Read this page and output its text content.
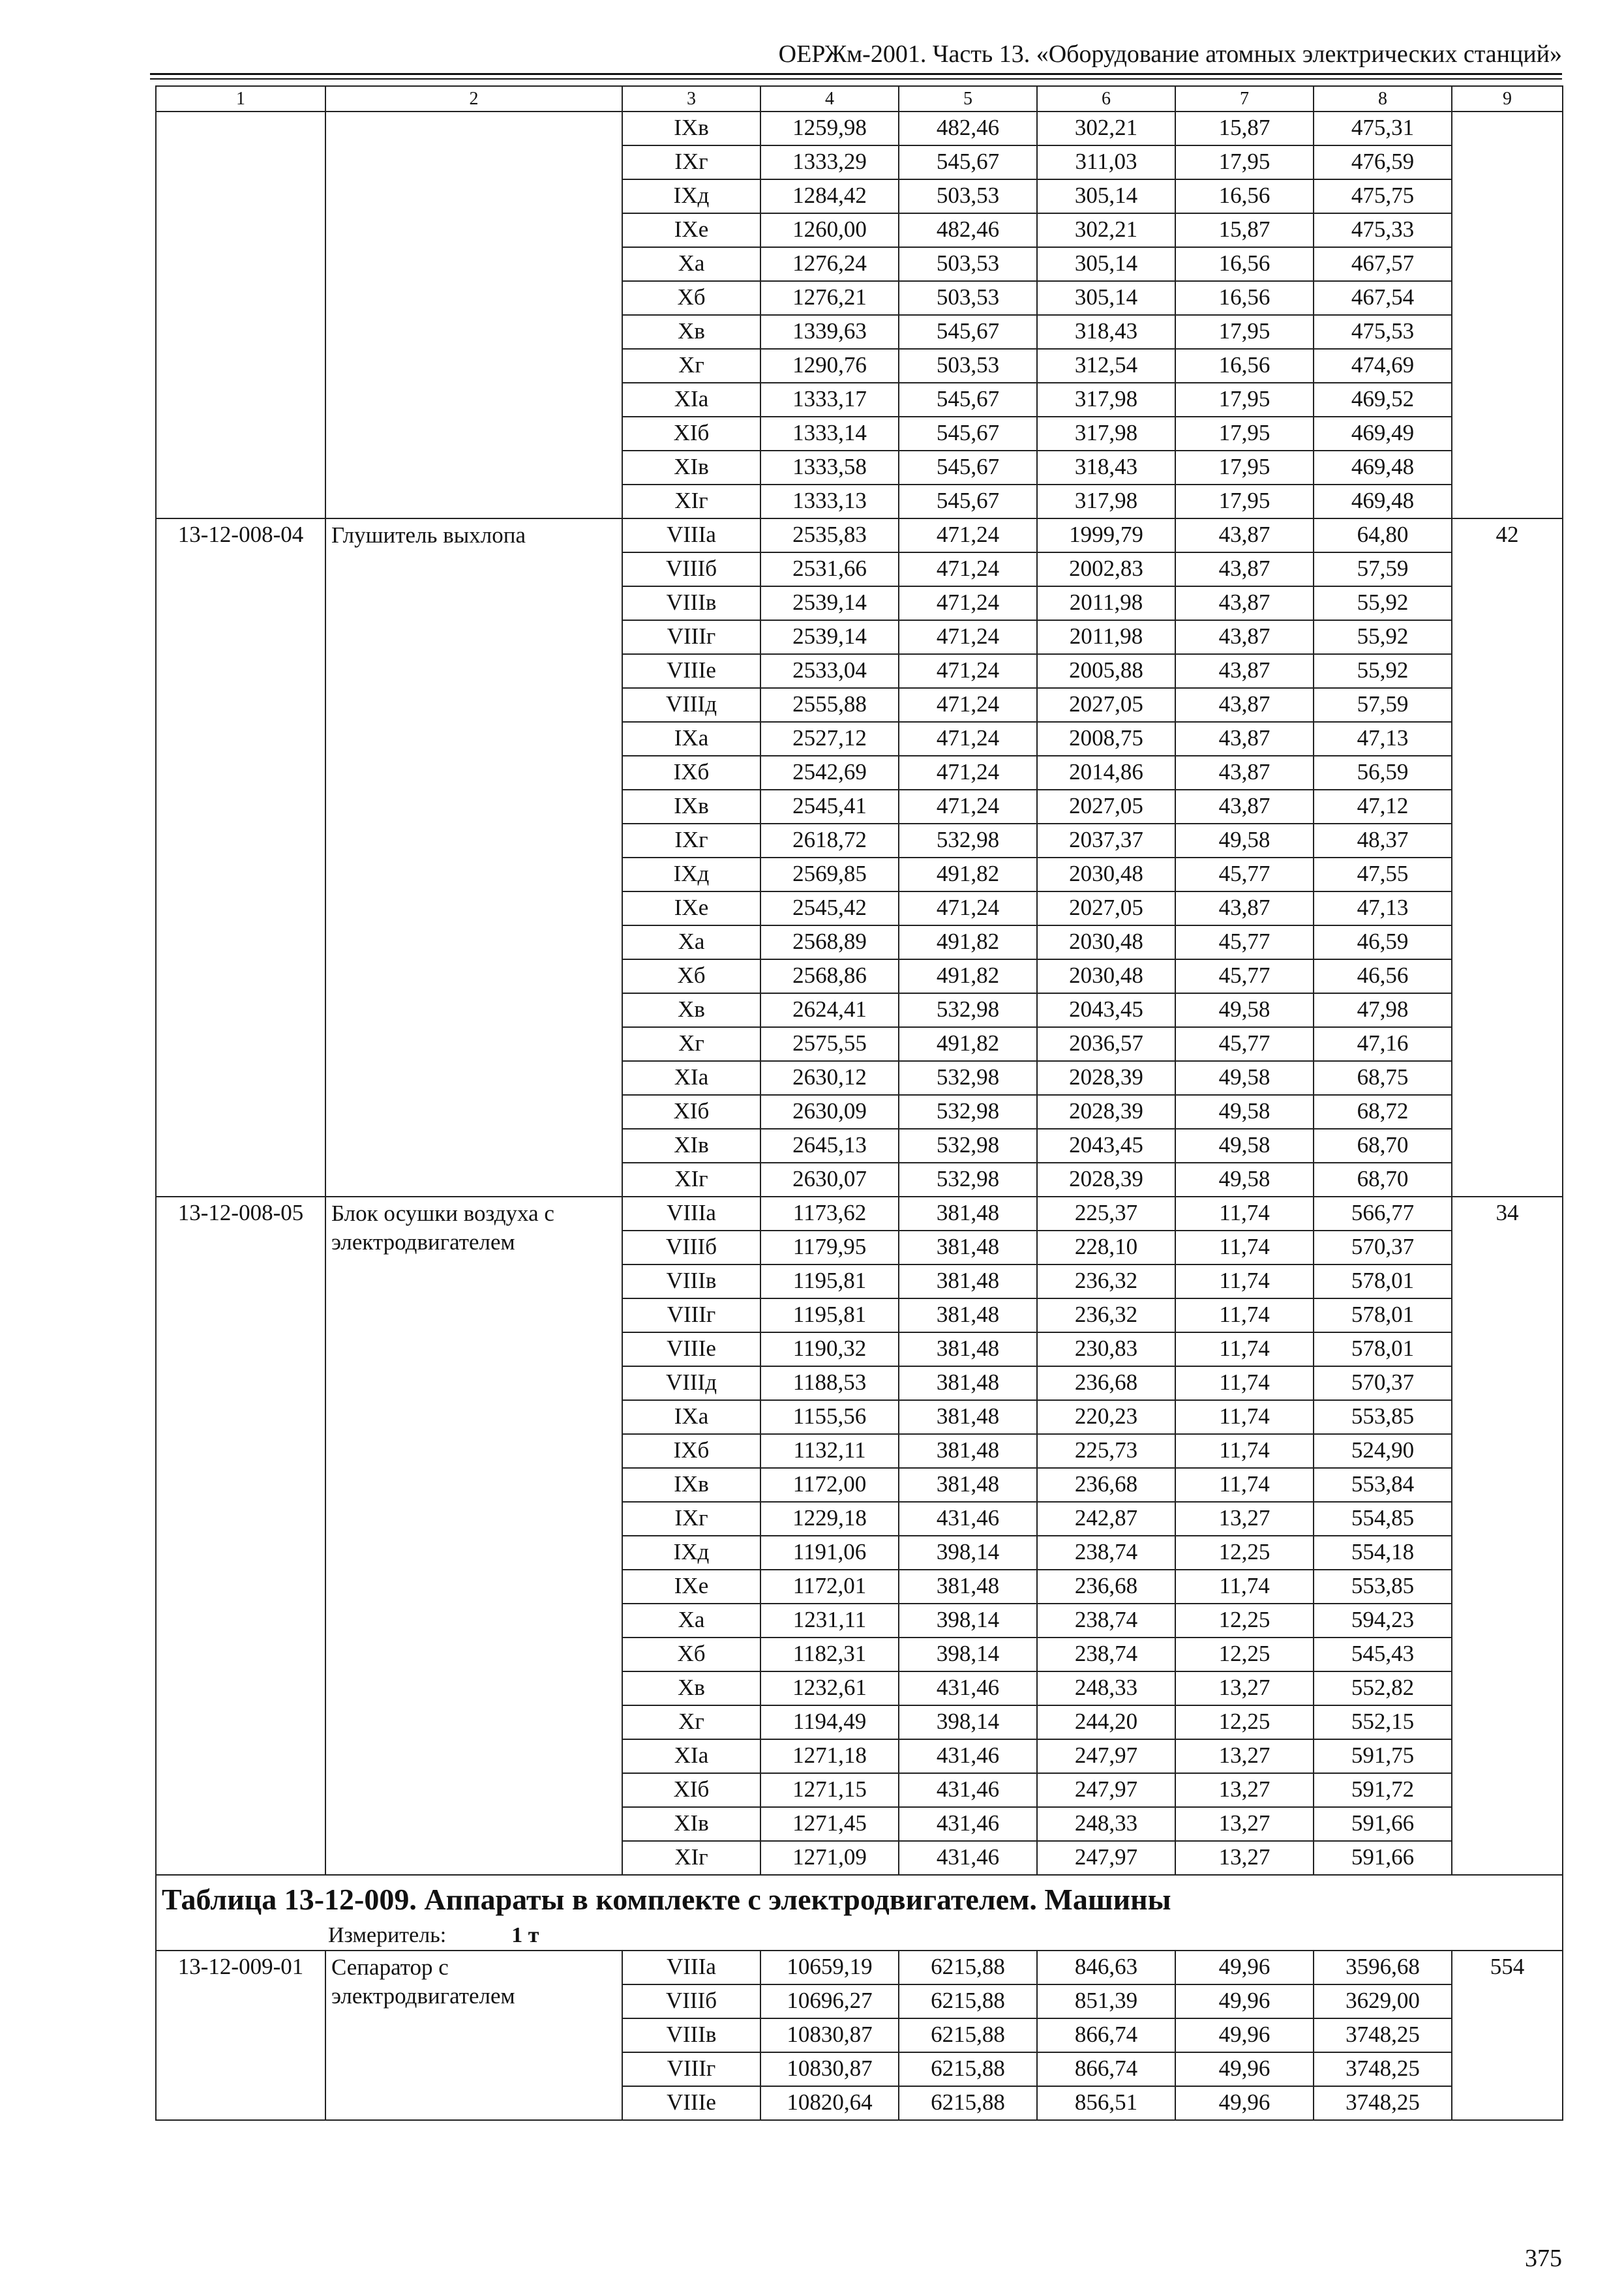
ОЕРЖм-2001. Часть 13. «Оборудование атомных электрических станций»
1	2	3	4	5	6	7	8	9
		IXв	1259,98	482,46	302,21	15,87	475,31	
		IXг	1333,29	545,67	311,03	17,95	476,59	
		IXд	1284,42	503,53	305,14	16,56	475,75	
		IXе	1260,00	482,46	302,21	15,87	475,33	
		Xа	1276,24	503,53	305,14	16,56	467,57	
		Xб	1276,21	503,53	305,14	16,56	467,54	
		Xв	1339,63	545,67	318,43	17,95	475,53	
		Xг	1290,76	503,53	312,54	16,56	474,69	
		XIа	1333,17	545,67	317,98	17,95	469,52	
		XIб	1333,14	545,67	317,98	17,95	469,49	
		XIв	1333,58	545,67	318,43	17,95	469,48	
		XIг	1333,13	545,67	317,98	17,95	469,48	
13-12-008-04	Глушитель выхлопа	VIIIа	2535,83	471,24	1999,79	43,87	64,80	42
		VIIIб	2531,66	471,24	2002,83	43,87	57,59	
		VIIIв	2539,14	471,24	2011,98	43,87	55,92	
		VIIIг	2539,14	471,24	2011,98	43,87	55,92	
		VIIIе	2533,04	471,24	2005,88	43,87	55,92	
		VIIIд	2555,88	471,24	2027,05	43,87	57,59	
		IXа	2527,12	471,24	2008,75	43,87	47,13	
		IXб	2542,69	471,24	2014,86	43,87	56,59	
		IXв	2545,41	471,24	2027,05	43,87	47,12	
		IXг	2618,72	532,98	2037,37	49,58	48,37	
		IXд	2569,85	491,82	2030,48	45,77	47,55	
		IXе	2545,42	471,24	2027,05	43,87	47,13	
		Xа	2568,89	491,82	2030,48	45,77	46,59	
		Xб	2568,86	491,82	2030,48	45,77	46,56	
		Xв	2624,41	532,98	2043,45	49,58	47,98	
		Xг	2575,55	491,82	2036,57	45,77	47,16	
		XIа	2630,12	532,98	2028,39	49,58	68,75	
		XIб	2630,09	532,98	2028,39	49,58	68,72	
		XIв	2645,13	532,98	2043,45	49,58	68,70	
		XIг	2630,07	532,98	2028,39	49,58	68,70	
13-12-008-05	Блок осушки воздуха с электродвигателем	VIIIа	1173,62	381,48	225,37	11,74	566,77	34
		VIIIб	1179,95	381,48	228,10	11,74	570,37	
		VIIIв	1195,81	381,48	236,32	11,74	578,01	
		VIIIг	1195,81	381,48	236,32	11,74	578,01	
		VIIIе	1190,32	381,48	230,83	11,74	578,01	
		VIIIд	1188,53	381,48	236,68	11,74	570,37	
		IXа	1155,56	381,48	220,23	11,74	553,85	
		IXб	1132,11	381,48	225,73	11,74	524,90	
		IXв	1172,00	381,48	236,68	11,74	553,84	
		IXг	1229,18	431,46	242,87	13,27	554,85	
		IXд	1191,06	398,14	238,74	12,25	554,18	
		IXе	1172,01	381,48	236,68	11,74	553,85	
		Xа	1231,11	398,14	238,74	12,25	594,23	
		Xб	1182,31	398,14	238,74	12,25	545,43	
		Xв	1232,61	431,46	248,33	13,27	552,82	
		Xг	1194,49	398,14	244,20	12,25	552,15	
		XIа	1271,18	431,46	247,97	13,27	591,75	
		XIб	1271,15	431,46	247,97	13,27	591,72	
		XIв	1271,45	431,46	248,33	13,27	591,66	
		XIг	1271,09	431,46	247,97	13,27	591,66	

Таблица 13-12-009. Аппараты в комплекте с электродвигателем. Машины
Измеритель: 1 т								

13-12-009-01	Сепаратор с электродвигателем	VIIIа	10659,19	6215,88	846,63	49,96	3596,68	554
		VIIIб	10696,27	6215,88	851,39	49,96	3629,00	
		VIIIв	10830,87	6215,88	866,74	49,96	3748,25	
		VIIIг	10830,87	6215,88	866,74	49,96	3748,25	
		VIIIе	10820,64	6215,88	856,51	49,96	3748,25	
375
